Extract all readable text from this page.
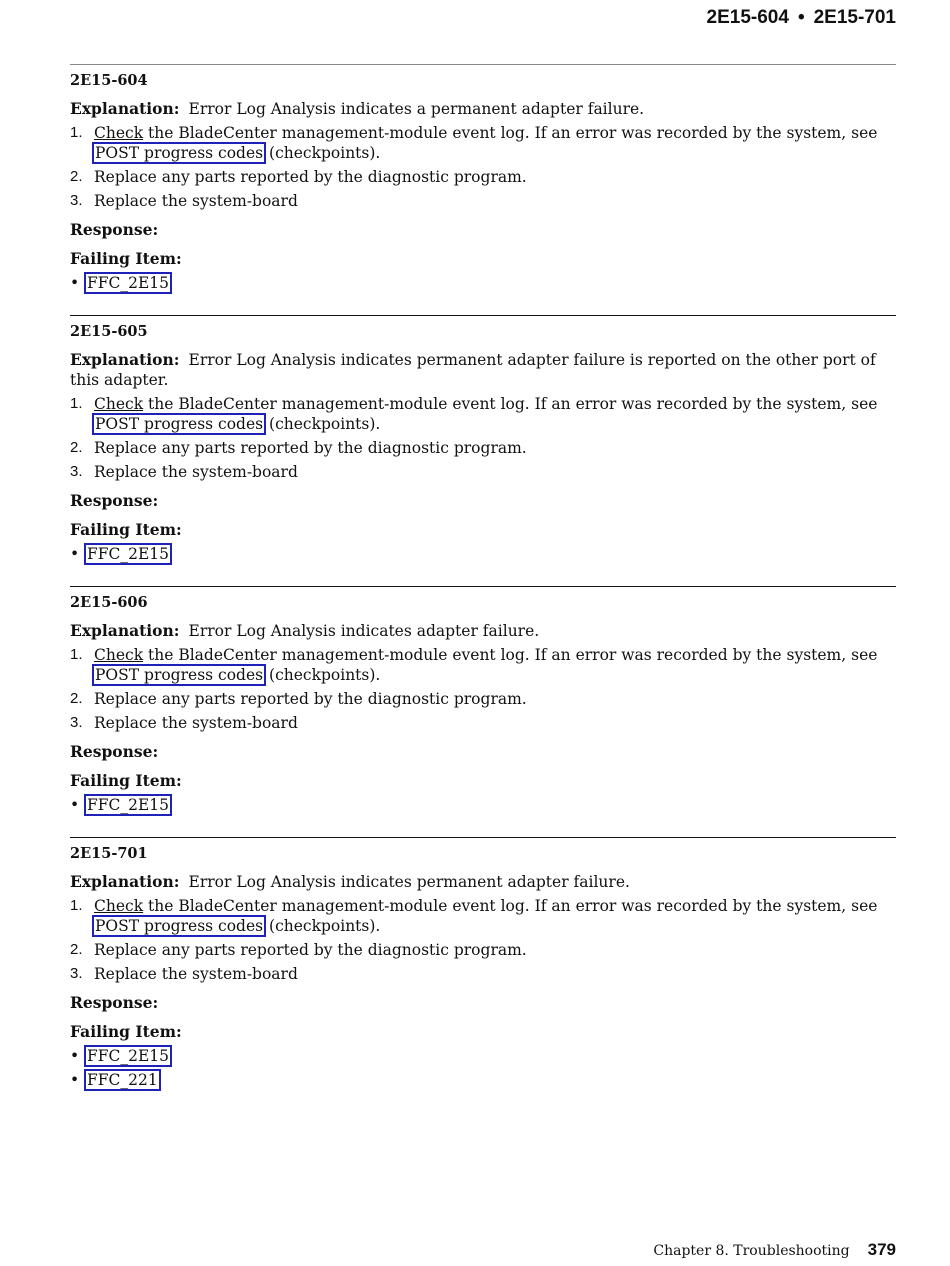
2E15-604 • 2E15-701
2E15-604
Explanation: Error Log Analysis indicates a permanent adapter failure.
1. Check the BladeCenter management-module event log. If an error was recorded by the system, see POST progress codes (checkpoints).
2. Replace any parts reported by the diagnostic program.
3. Replace the system-board
Response:
Failing Item:
• FFC_2E15
2E15-605
Explanation: Error Log Analysis indicates permanent adapter failure is reported on the other port of this adapter.
1. Check the BladeCenter management-module event log. If an error was recorded by the system, see POST progress codes (checkpoints).
2. Replace any parts reported by the diagnostic program.
3. Replace the system-board
Response:
Failing Item:
• FFC_2E15
2E15-606
Explanation: Error Log Analysis indicates adapter failure.
1. Check the BladeCenter management-module event log. If an error was recorded by the system, see POST progress codes (checkpoints).
2. Replace any parts reported by the diagnostic program.
3. Replace the system-board
Response:
Failing Item:
• FFC_2E15
2E15-701
Explanation: Error Log Analysis indicates permanent adapter failure.
1. Check the BladeCenter management-module event log. If an error was recorded by the system, see POST progress codes (checkpoints).
2. Replace any parts reported by the diagnostic program.
3. Replace the system-board
Response:
Failing Item:
• FFC_2E15
• FFC_221
Chapter 8. Troubleshooting 379
